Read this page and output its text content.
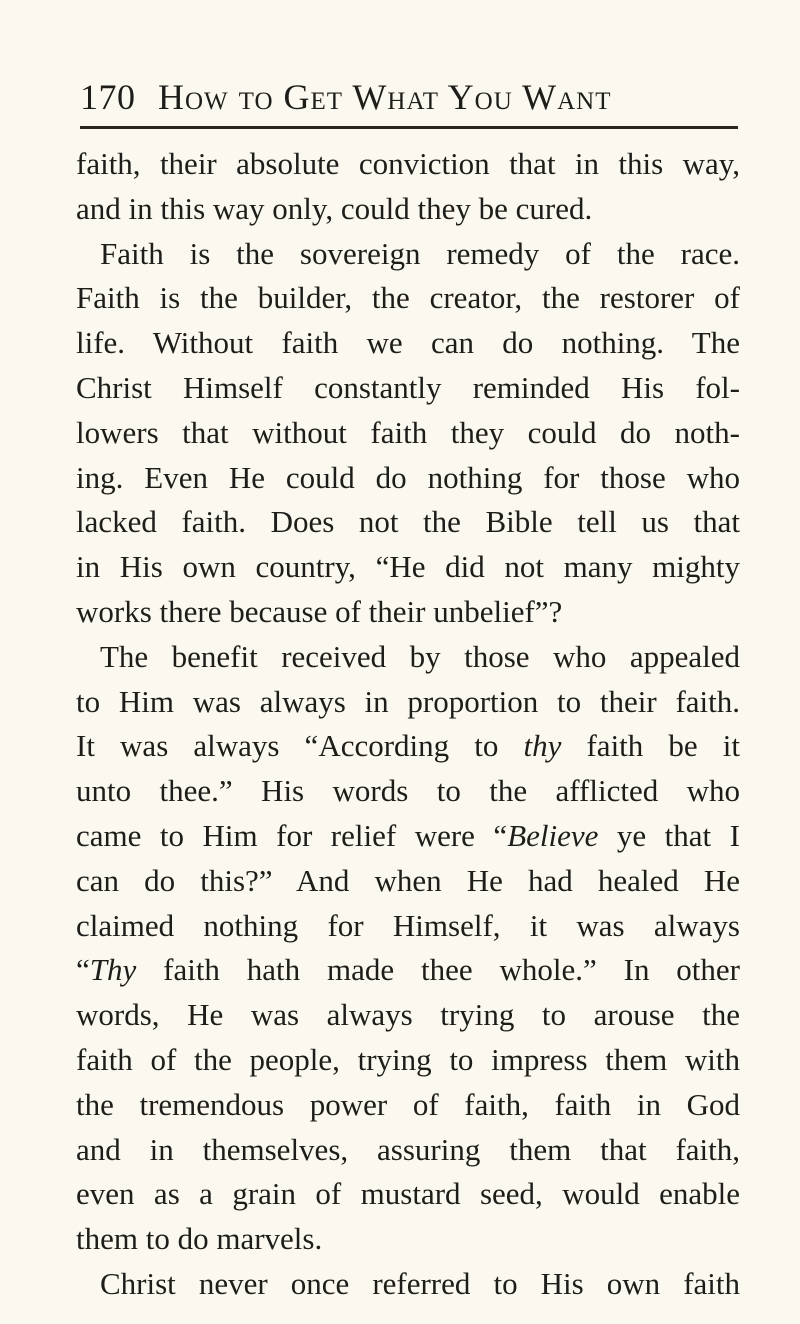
170 How to Get What You Want
faith, their absolute conviction that in this way,
and in this way only, could they be cured.
Faith is the sovereign remedy of the race.
Faith is the builder, the creator, the restorer of
life. Without faith we can do nothing. The
Christ Himself constantly reminded His fol-
lowers that without faith they could do noth-
ing. Even He could do nothing for those who
lacked faith. Does not the Bible tell us that
in His own country, “He did not many mighty
works there because of their unbelief”?
The benefit received by those who appealed
to Him was always in proportion to their faith.
It was always “According to thy faith be it
unto thee.” His words to the afflicted who
came to Him for relief were “Believe ye that I
can do this?” And when He had healed He
claimed nothing for Himself, it was always
“Thy faith hath made thee whole.” In other
words, He was always trying to arouse the
faith of the people, trying to impress them with
the tremendous power of faith, faith in God
and in themselves, assuring them that faith,
even as a grain of mustard seed, would enable
them to do marvels.
Christ never once referred to His own faith
